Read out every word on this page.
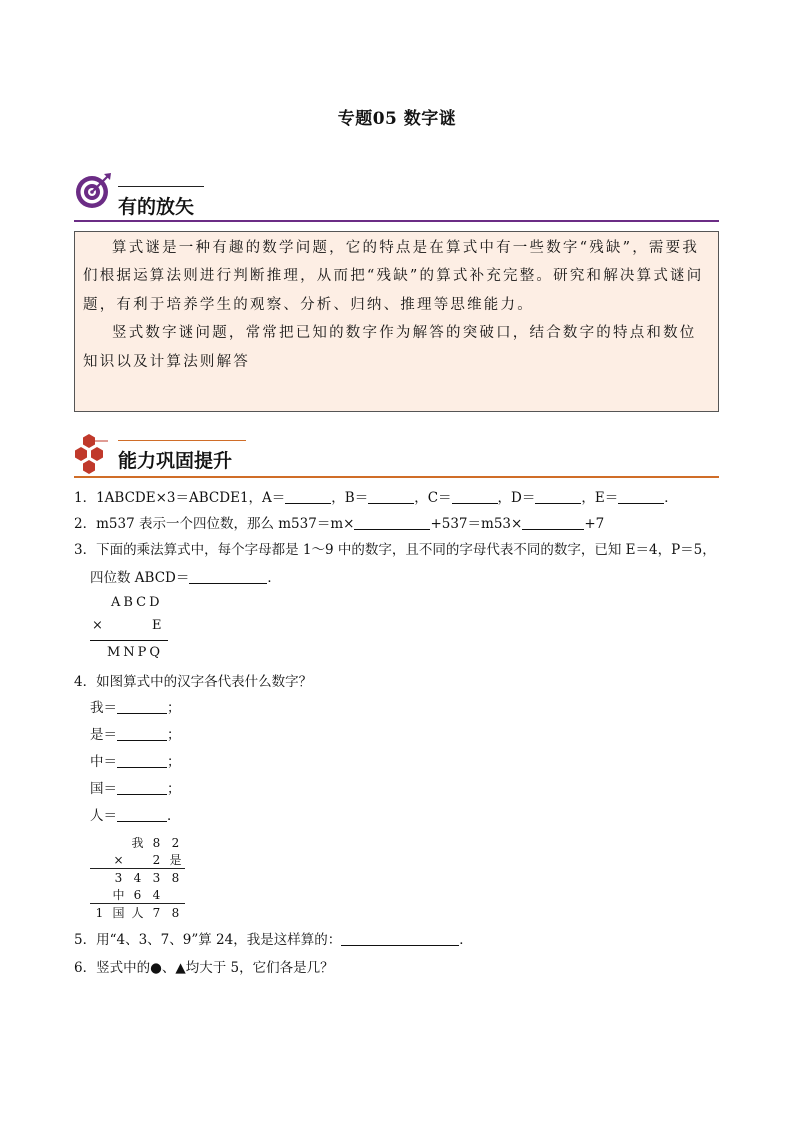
专题05 数字谜
有的放矢

算式谜是一种有趣的数学问题，它的特点是在算式中有一些数字“残缺”，需要我们根据运算法则进行判断推理，从而把“残缺”的算式补充完整。研究和解决算式谜问题，有利于培养学生的观察、分析、归纳、推理等思维能力。

竖式数字谜问题，常常把已知的数字作为解答的突破口，结合数字的特点和数位知识以及计算法则解答

能力巩固提升
1．1ABCDE×3＝ABCDE1，A＝	，B＝	，C＝	，D＝	，E＝	．
2．m537 表示一个四位数，那么 m537＝m×	+537＝m53×	+7
3．下面的乘法算式中，每个字母都是 1～9 中的数字，且不同的字母代表不同的数字，已知 E＝4，P＝5，
四位数 ABCD＝	．
ABCD
×	E
MNPQ
4．如图算式中的汉字各代表什么数字？
我＝	；
是＝	；
中＝	；
国＝	；
人＝	．
		我	8	2
	×		2	是
	3	4	3	8
	中	6	4	
1	国	人	7	8
5．用“4、3、7、9”算 24，我是这样算的：	．
6．竖式中的●、▲均大于 5，它们各是几？
